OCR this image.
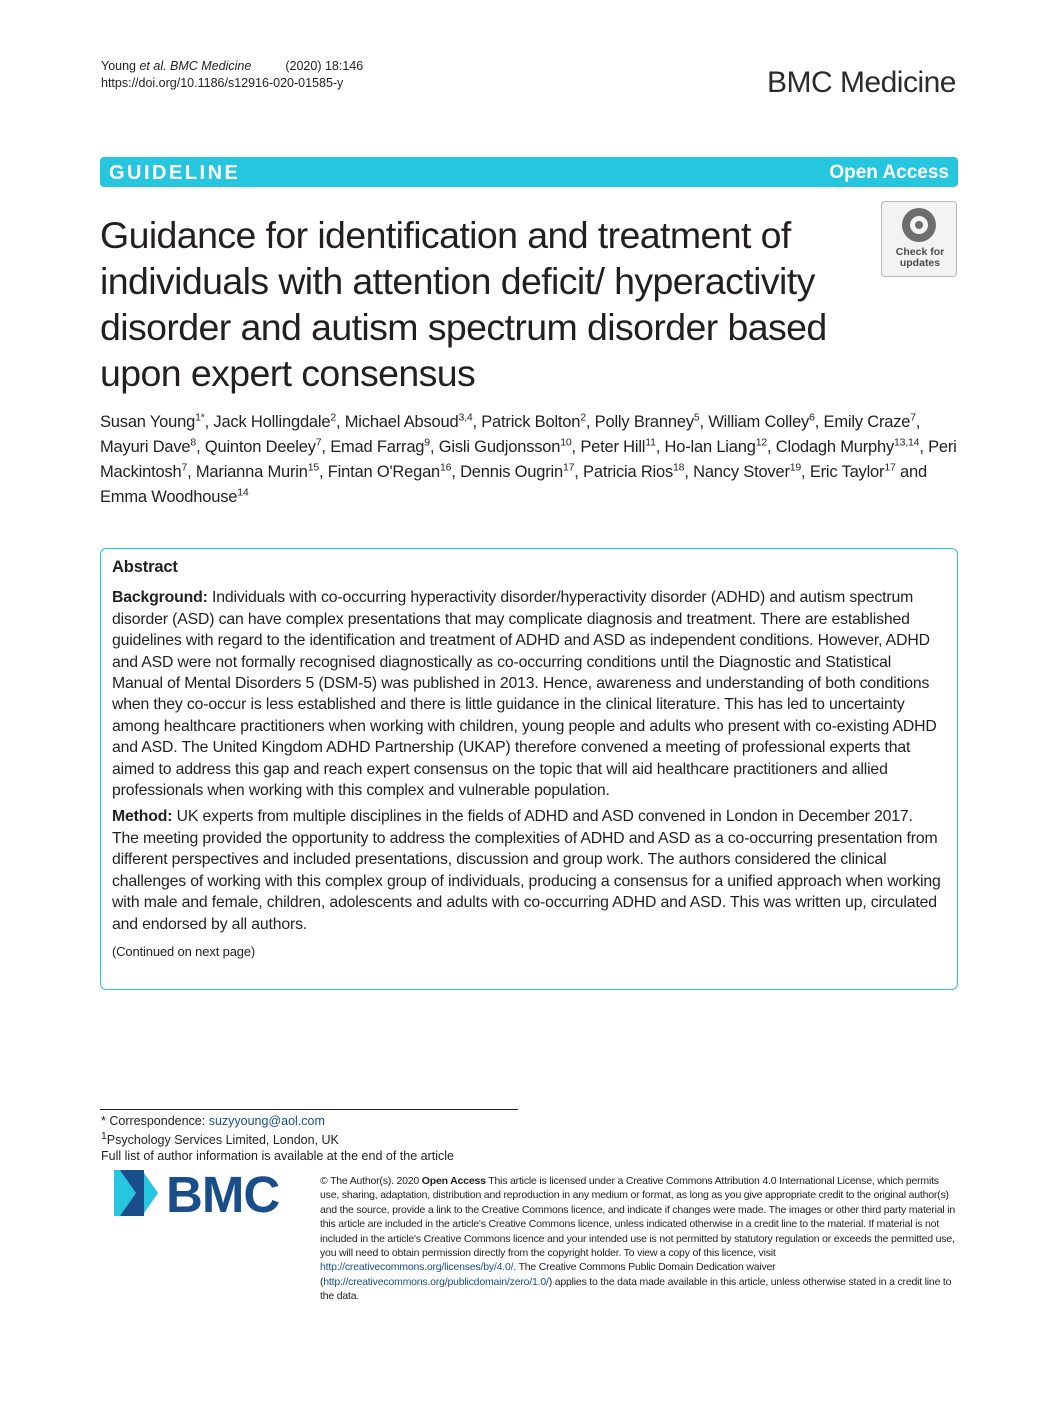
Young et al. BMC Medicine	(2020) 18:146
https://doi.org/10.1186/s12916-020-01585-y	BMC Medicine
GUIDELINE	Open Access
Guidance for identification and treatment of individuals with attention deficit/ hyperactivity disorder and autism spectrum disorder based upon expert consensus
Check for
updates
Susan Young$^{1*}$, Jack Hollingdale$^2$, Michael Absoud$^{3,4}$, Patrick Bolton$^2$, Polly Branney$^5$, William Colley$^6$, Emily Craze$^7$, Mayuri Dave$^8$, Quinton Deeley$^7$, Emad Farrag$^9$, Gisli Gudjonsson$^{10}$, Peter Hill$^{11}$, Ho-lan Liang$^{12}$, Clodagh Murphy$^{13,14}$, Peri Mackintosh$^7$, Marianna Murin$^{15}$, Fintan O'Regan$^{16}$, Dennis Ougrin$^{17}$, Patricia Rios$^{18}$, Nancy Stover$^{19}$, Eric Taylor$^{17}$ and Emma Woodhouse$^{14}$
Abstract

Background: Individuals with co-occurring hyperactivity disorder/hyperactivity disorder (ADHD) and autism spectrum disorder (ASD) can have complex presentations that may complicate diagnosis and treatment. There are established guidelines with regard to the identification and treatment of ADHD and ASD as independent conditions. However, ADHD and ASD were not formally recognised diagnostically as co-occurring conditions until the Diagnostic and Statistical Manual of Mental Disorders 5 (DSM-5) was published in 2013. Hence, awareness and understanding of both conditions when they co-occur is less established and there is little guidance in the clinical literature. This has led to uncertainty among healthcare practitioners when working with children, young people and adults who present with co-existing ADHD and ASD. The United Kingdom ADHD Partnership (UKAP) therefore convened a meeting of professional experts that aimed to address this gap and reach expert consensus on the topic that will aid healthcare practitioners and allied professionals when working with this complex and vulnerable population.

Method: UK experts from multiple disciplines in the fields of ADHD and ASD convened in London in December 2017. The meeting provided the opportunity to address the complexities of ADHD and ASD as a co-occurring presentation from different perspectives and included presentations, discussion and group work. The authors considered the clinical challenges of working with this complex group of individuals, producing a consensus for a unified approach when working with male and female, children, adolescents and adults with co-occurring ADHD and ASD. This was written up, circulated and endorsed by all authors.

(Continued on next page)
* Correspondence: suzyyoung@aol.com
$^1$Psychology Services Limited, London, UK
Full list of author information is available at the end of the article
BMC	© The Author(s). 2020 Open Access This article is licensed under a Creative Commons Attribution 4.0 International License, which permits use, sharing, adaptation, distribution and reproduction in any medium or format, as long as you give appropriate credit to the original author(s) and the source, provide a link to the Creative Commons licence, and indicate if changes were made. The images or other third party material in this article are included in the article's Creative Commons licence, unless indicated otherwise in a credit line to the material. If material is not included in the article's Creative Commons licence and your intended use is not permitted by statutory regulation or exceeds the permitted use, you will need to obtain permission directly from the copyright holder. To view a copy of this licence, visit http://creativecommons.org/licenses/by/4.0/. The Creative Commons Public Domain Dedication waiver (http://creativecommons.org/publicdomain/zero/1.0/) applies to the data made available in this article, unless otherwise stated in a credit line to the data.
